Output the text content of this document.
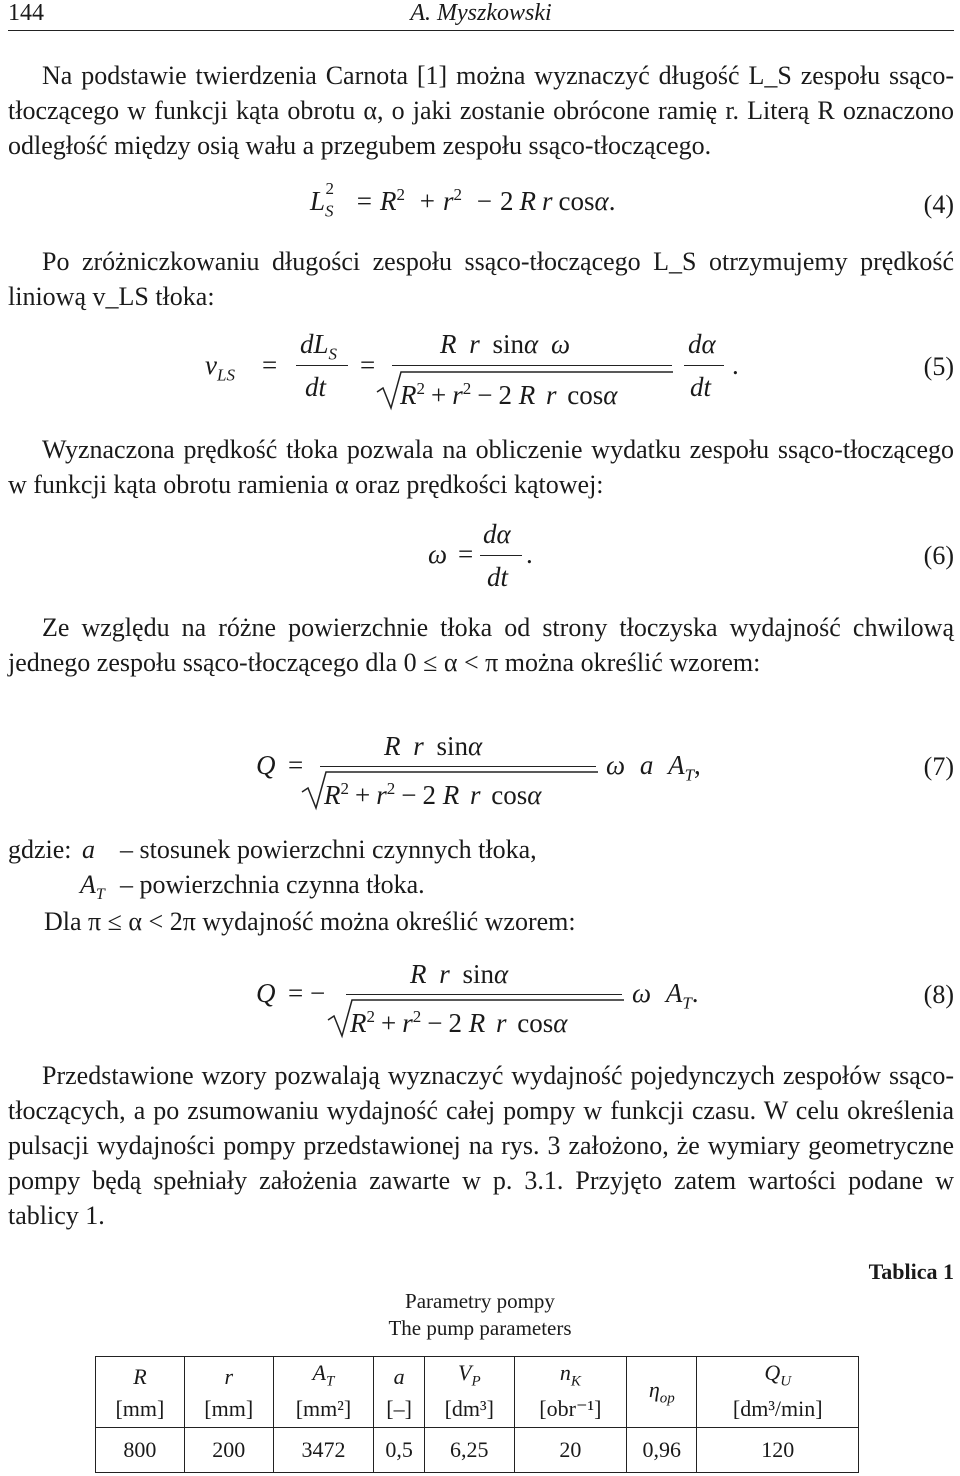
144	A. Myszkowski
Na podstawie twierdzenia Carnota [1] można wyznaczyć długość L_S zespołu ssąco-tłoczącego w funkcji kąta obrotu α, o jaki zostanie obrócone ramię r. Literą R oznaczono odległość między osią wału a przegubem zespołu ssąco-tłoczącego.
$L_S^2 = R^2 + r^2 - 2$ R r cosα.	(4)
Po zróżniczkowaniu długości zespołu ssąco-tłoczącego L_S otrzymujemy prędkość liniową v_LS tłoka:
$v_{LS}$ =
$dL_S$
dt
=
R r sinα ω
$R^2 + r^2 - 2$ R r cosα
dα
dt
.	(5)
Wyznaczona prędkość tłoka pozwala na obliczenie wydatku zespołu ssąco-tłoczącego w funkcji kąta obrotu ramienia α oraz prędkości kątowej:
ω =
dα
dt
.	(6)
Ze względu na różne powierzchnie tłoka od strony tłoczyska wydajność chwilową jednego zespołu ssąco-tłoczącego dla 0 ≤ α < π można określić wzorem:
Q =
R r sinα
$R^2 + r^2 - 2$ R r cosα
ω a $A_T$,	(7)
gdzie: a – stosunek powierzchni czynnych tłoka,
$A_T$ – powierzchnia czynna tłoka.
Dla π ≤ α < 2π wydajność można określić wzorem:
Q = −
R r sinα
$R^2 + r^2 - 2$ R r cosα
ω $A_T$.	(8)
Przedstawione wzory pozwalają wyznaczyć wydajność pojedynczych zespołów ssąco-tłoczących, a po zsumowaniu wydajność całej pompy w funkcji czasu. W celu określenia pulsacji wydajności pompy przedstawionej na rys. 3 założono, że wymiary geometryczne pompy będą spełniały założenia zawarte w p. 3.1. Przyjęto zatem wartości podane w tablicy 1.
Tablica 1
Parametry pompy
The pump parameters
R	r	$A_T$	a	$V_P$	$n_K$	$\eta_{op}$	$Q_U$
[mm]	[mm]	[mm²]	[–]	[dm³]	[obr⁻¹]		[dm³/min]
800	200	3472	0,5	6,25	20	0,96	120
